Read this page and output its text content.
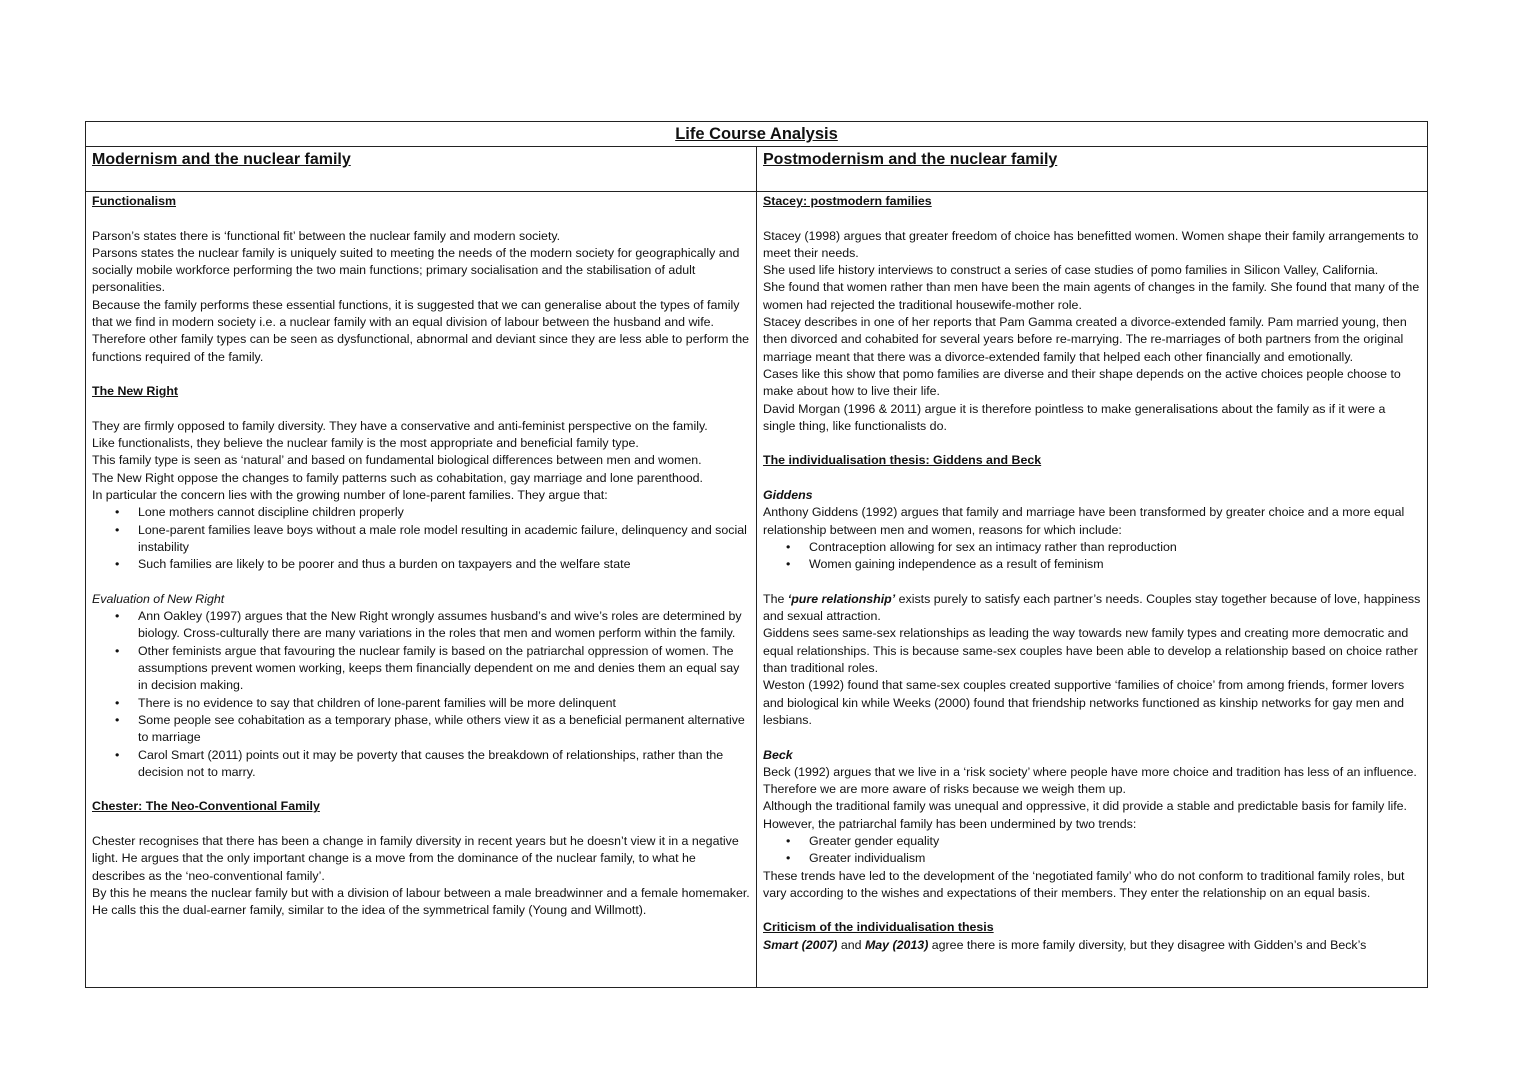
Life Course Analysis
Modernism and the nuclear family	Postmodernism and the nuclear family

Functionalism

Parson’s states there is ‘functional fit’ between the nuclear family and modern society.

Parsons states the nuclear family is uniquely suited to meeting the needs of the modern society for geographically and socially mobile workforce performing the two main functions; primary socialisation and the stabilisation of adult personalities.

Because the family performs these essential functions, it is suggested that we can generalise about the types of family that we find in modern society i.e. a nuclear family with an equal division of labour between the husband and wife.

Therefore other family types can be seen as dysfunctional, abnormal and deviant since they are less able to perform the functions required of the family.

The New Right

They are firmly opposed to family diversity. They have a conservative and anti-feminist perspective on the family.

Like functionalists, they believe the nuclear family is the most appropriate and beneficial family type.

This family type is seen as ‘natural’ and based on fundamental biological differences between men and women.

The New Right oppose the changes to family patterns such as cohabitation, gay marriage and lone parenthood.

In particular the concern lies with the growing number of lone-parent families. They argue that:

• Lone mothers cannot discipline children properly
• Lone-parent families leave boys without a male role model resulting in academic failure, delinquency and social instability
• Such families are likely to be poorer and thus a burden on taxpayers and the welfare state

Evaluation of New Right

• Ann Oakley (1997) argues that the New Right wrongly assumes husband’s and wive’s roles are determined by biology. Cross-culturally there are many variations in the roles that men and women perform within the family.
• Other feminists argue that favouring the nuclear family is based on the patriarchal oppression of women. The assumptions prevent women working, keeps them financially dependent on me and denies them an equal say in decision making.
• There is no evidence to say that children of lone-parent families will be more delinquent
• Some people see cohabitation as a temporary phase, while others view it as a beneficial permanent alternative to marriage
• Carol Smart (2011) points out it may be poverty that causes the breakdown of relationships, rather than the decision not to marry.

Chester: The Neo-Conventional Family

Chester recognises that there has been a change in family diversity in recent years but he doesn’t view it in a negative light. He argues that the only important change is a move from the dominance of the nuclear family, to what he describes as the ‘neo-conventional family’.

By this he means the nuclear family but with a division of labour between a male breadwinner and a female homemaker. He calls this the dual-earner family, similar to the idea of the symmetrical family (Young and Willmott).

Stacey: postmodern families

Stacey (1998) argues that greater freedom of choice has benefitted women. Women shape their family arrangements to meet their needs.

She used life history interviews to construct a series of case studies of pomo families in Silicon Valley, California.

She found that women rather than men have been the main agents of changes in the family. She found that many of the women had rejected the traditional housewife-mother role.

Stacey describes in one of her reports that Pam Gamma created a divorce-extended family. Pam married young, then then divorced and cohabited for several years before re-marrying. The re-marriages of both partners from the original marriage meant that there was a divorce-extended family that helped each other financially and emotionally.

Cases like this show that pomo families are diverse and their shape depends on the active choices people choose to make about how to live their life.

David Morgan (1996 & 2011) argue it is therefore pointless to make generalisations about the family as if it were a single thing, like functionalists do.

The individualisation thesis: Giddens and Beck

Giddens

Anthony Giddens (1992) argues that family and marriage have been transformed by greater choice and a more equal relationship between men and women, reasons for which include:

• Contraception allowing for sex an intimacy rather than reproduction
• Women gaining independence as a result of feminism

The ‘pure relationship’ exists purely to satisfy each partner’s needs. Couples stay together because of love, happiness and sexual attraction.

Giddens sees same-sex relationships as leading the way towards new family types and creating more democratic and equal relationships. This is because same-sex couples have been able to develop a relationship based on choice rather than traditional roles.

Weston (1992) found that same-sex couples created supportive ‘families of choice’ from among friends, former lovers and biological kin while Weeks (2000) found that friendship networks functioned as kinship networks for gay men and lesbians.

Beck

Beck (1992) argues that we live in a ‘risk society’ where people have more choice and tradition has less of an influence. Therefore we are more aware of risks because we weigh them up.

Although the traditional family was unequal and oppressive, it did provide a stable and predictable basis for family life. However, the patriarchal family has been undermined by two trends:

• Greater gender equality
• Greater individualism

These trends have led to the development of the ‘negotiated family’ who do not conform to traditional family roles, but vary according to the wishes and expectations of their members. They enter the relationship on an equal basis.

Criticism of the individualisation thesis

Smart (2007) and May (2013) agree there is more family diversity, but they disagree with Gidden’s and Beck’s
